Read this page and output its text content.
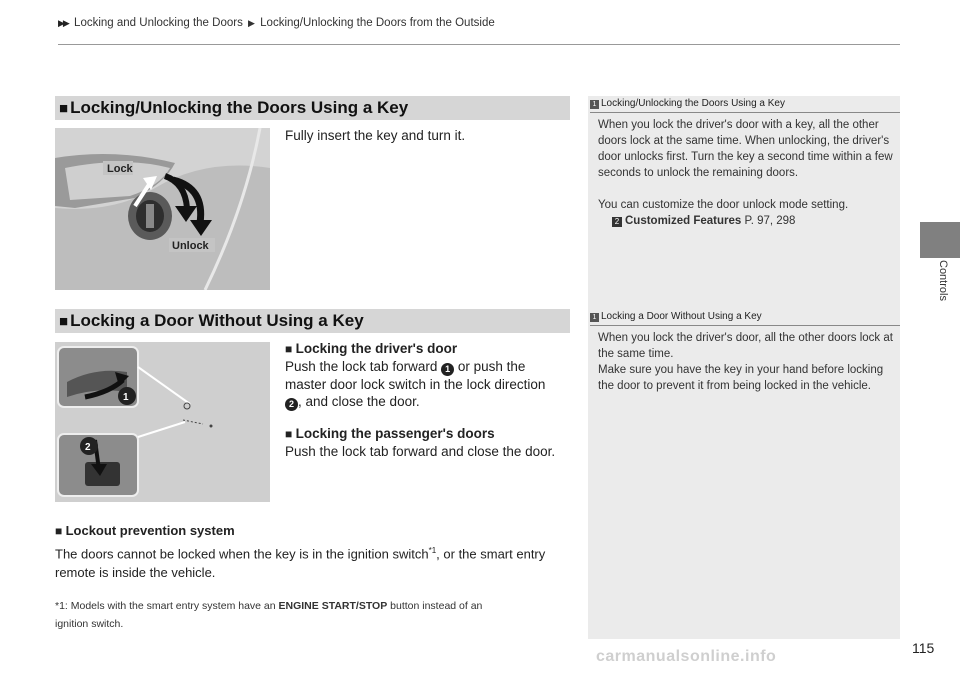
▶▶ Locking and Unlocking the Doors ▶ Locking/Unlocking the Doors from the Outside
Controls
■ Locking/Unlocking the Doors Using a Key
Lock
Unlock
Fully insert the key and turn it.
■ Locking a Door Without Using a Key
1
2
■ Locking the driver's door
Push the lock tab forward 1 or push the
master door lock switch in the lock direction
2 , and close the door.
■ Locking the passenger's doors
Push the lock tab forward and close the door.
■ Lockout prevention system
The doors cannot be locked when the key is in the ignition switch$^{*1}$, or the smart entry
remote is inside the vehicle.
*1: Models with the smart entry system have an ENGINE START/STOP button instead of an
ignition switch.
1 Locking/Unlocking the Doors Using a Key
When you lock the driver's door with a key, all the other doors lock at the same time. When unlocking, the driver's door unlocks first. Turn the key a second time within a few seconds to unlock the remaining doors.
You can customize the door unlock mode setting.
2 Customized Features P. 97, 298
1 Locking a Door Without Using a Key
When you lock the driver's door, all the other doors lock at the same time.
Make sure you have the key in your hand before locking the door to prevent it from being locked in the vehicle.
115
carmanualsonline.info
